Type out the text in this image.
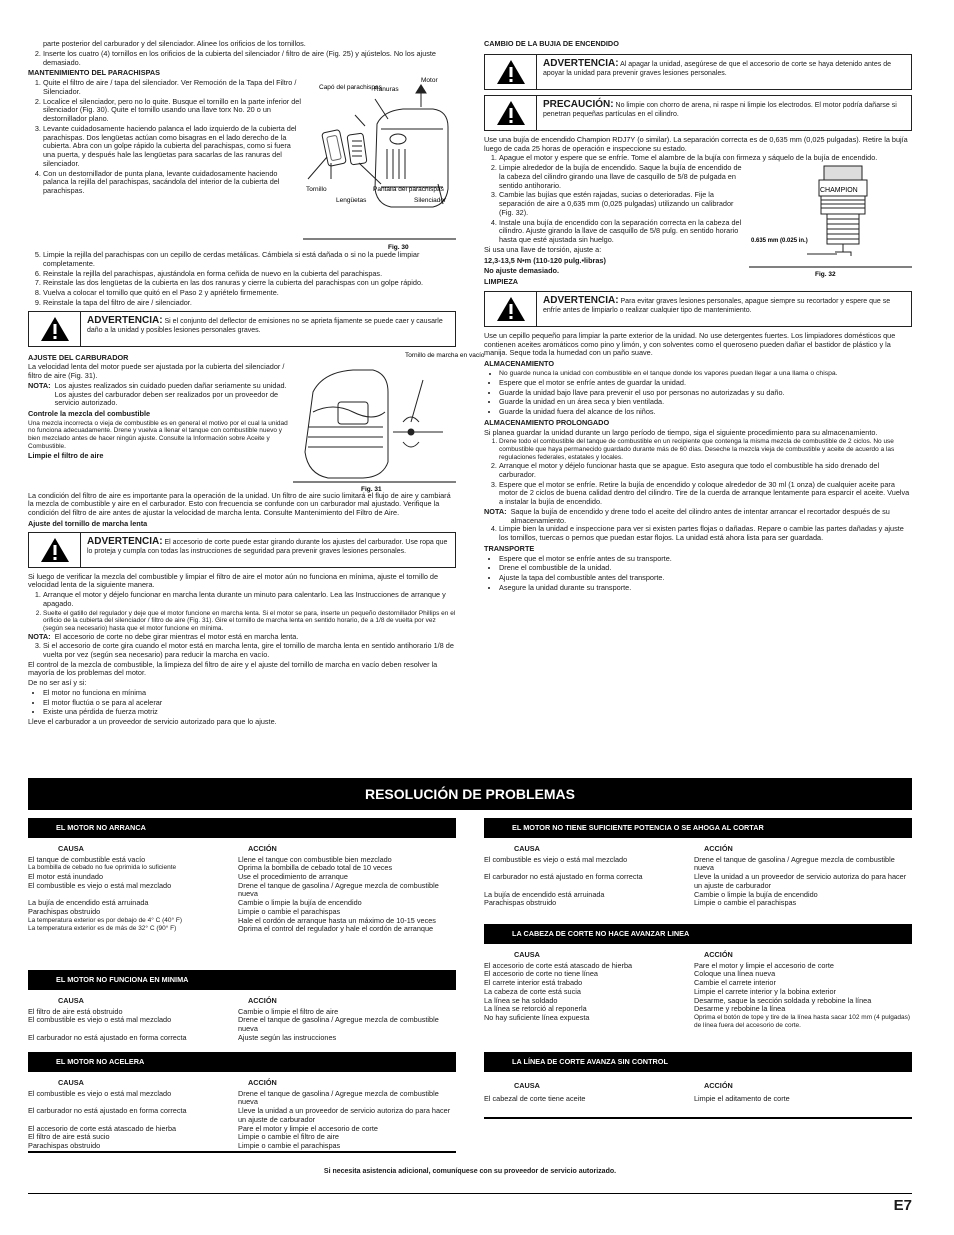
parte posterior del carburador y del silenciador. Alinee los orificios de los tornillos.

2. Inserte los cuatro (4) tornillos en los orificios de la cubierta del silenciador / filtro de aire (Fig. 25) y ajústelos. No los ajuste demasiado.

MANTENIMIENTO DEL PARACHISPAS

1. Quite el filtro de aire / tapa del silenciador. Ver Remoción de la Tapa del Filtro / Silenciador.
2. Localice el silenciador, pero no lo quite. Busque el tornillo en la parte inferior del silenciador (Fig. 30). Quite el tornillo usando una llave torx No. 20 o un destornillador plano.
3. Levante cuidadosamente haciendo palanca el lado izquierdo de la cubierta del parachispas. Dos lengüetas actúan como bisagras en el lado derecho de la cubierta. Abra con un golpe rápido la cubierta del parachispas, como si fuera una puerta, y después hale las lengüetas para sacarlas de las ranuras del silenciador.
4. Con un destornillador de punta plana, levante cuidadosamente haciendo palanca la rejilla del parachispas, sacándola del interior de la cubierta del parachispas.
Motor
Capó del parachispas
Ranuras
Tornillo	Pantalla del parachispas
Lengüetas	Silenciador
Fig. 30
5. Limpie la rejilla del parachispas con un cepillo de cerdas metálicas. Cámbiela si está dañada o si no la puede limpiar completamente.
6. Reinstale la rejilla del parachispas, ajustándola en forma ceñida de nuevo en la cubierta del parachispas.
7. Reinstale las dos lengüetas de la cubierta en las dos ranuras y cierre la cubierta del parachispas con un golpe rápido.
8. Vuelva a colocar el tornillo que quitó en el Paso 2 y apriételo firmemente.
9. Reinstale la tapa del filtro de aire / silenciador.
ADVERTENCIA: Si el conjunto del deflector de emisiones no se aprieta fijamente se puede caer y causarle daño a la unidad y posibles lesiones personales graves.

AJUSTE DEL CARBURADOR

La velocidad lenta del motor puede ser ajustada por la cubierta del silenciador / filtro de aire (Fig. 31).

NOTA: Los ajustes realizados sin cuidado pueden dañar seriamente su unidad. Los ajustes del carburador deben ser realizados por un proveedor de servicio autorizado.

Controle la mezcla del combustible

Una mezcla incorrecta o vieja de combustible es en general el motivo por el cual la unidad no funciona adecuadamente. Drene y vuelva a llenar el tanque con combustible nuevo y bien mezclado antes de hacer ningún ajuste. Consulte la Información sobre Aceite y Combustible.

Limpie el filtro de aire

Tornillo de marcha en vacío
Fig. 31

La condición del filtro de aire es importante para la operación de la unidad. Un filtro de aire sucio limitará el flujo de aire y cambiará la mezcla de combustible y aire en el carburador. Esto con frecuencia se confunde con un carburador mal ajustado. Verifique la condición del filtro de aire antes de ajustar la velocidad de marcha lenta. Consulte Mantenimiento del Filtro de Aire.

Ajuste del tornillo de marcha lenta

ADVERTENCIA: El accesorio de corte puede estar girando durante los ajustes del carburador. Use ropa que lo proteja y cumpla con todas las instrucciones de seguridad para prevenir graves lesiones personales.

Si luego de verificar la mezcla del combustible y limpiar el filtro de aire el motor aún no funciona en mínima, ajuste el tornillo de velocidad lenta de la siguiente manera.

1. Arranque el motor y déjelo funcionar en marcha lenta durante un minuto para calentarlo. Lea las Instrucciones de arranque y apagado.
2. Suelte el gatillo del regulador y deje que el motor funcione en marcha lenta. Si el motor se para, inserte un pequeño destornillador Phillips en el orificio de la cubierta del silenciador / filtro de aire (Fig. 31). Gire el tornillo de marcha lenta en sentido horario, de a 1/8 de vuelta por vez (según sea necesario) hasta que el motor funcione en mínima.
NOTA: El accesorio de corte no debe girar mientras el motor está en marcha lenta.
3. Si el accesorio de corte gira cuando el motor está en marcha lenta, gire el tornillo de marcha lenta en sentido antihorario 1/8 de vuelta por vez (según sea necesario) para reducir la marcha en vacío.

El control de la mezcla de combustible, la limpieza del filtro de aire y el ajuste del tornillo de marcha en vacío deben resolver la mayoría de los problemas del motor.

De no ser así y si:

• El motor no funciona en mínima
• El motor fluctúa o se para al acelerar
• Existe una pérdida de fuerza motriz

Lleve el carburador a un proveedor de servicio autorizado para que lo ajuste.

CAMBIO DE LA BUJIA DE ENCENDIDO

ADVERTENCIA: Al apagar la unidad, asegúrese de que el accesorio de corte se haya detenido antes de apoyar la unidad para prevenir graves lesiones personales.
PRECAUCIÓN: No limpie con chorro de arena, ni raspe ni limpie los electrodos. El motor podría dañarse si penetran pequeñas partículas en el cilindro.

Use una bujía de encendido Champion RDJ7Y (o similar). La separación correcta es de 0,635 mm (0,025 pulgadas). Retire la bujía luego de cada 25 horas de operación e inspeccione su estado.

1. Apague el motor y espere que se enfríe. Tome el alambre de la bujía con firmeza y sáquelo de la bujía de encendido.
2. Limpie alrededor de la bujía de encendido. Saque la bujía de encendido de la cabeza del cilindro girando una llave de casquillo de 5/8 de pulgada en sentido antihorario.
3. Cambie las bujías que estén rajadas, sucias o deterioradas. Fije la separación de aire a 0,635 mm (0,025 pulgadas) utilizando un calibrador (Fig. 32).
4. Instale una bujía de encendido con la separación correcta en la cabeza del cilindro. Ajuste girando la llave de casquillo de 5/8 pulg. en sentido horario hasta que esté ajustada sin huelgo.

Si usa una llave de torsión, ajuste a:

12,3-13,5 N•m (110-120 pulg.•libras)

No ajuste demasiado.

LIMPIEZA

CHAMPION
0.635 mm (0.025 in.)
Fig. 32
ADVERTENCIA: Para evitar graves lesiones personales, apague siempre su recortador y espere que se enfríe antes de limpiarlo o realizar cualquier tipo de mantenimiento.

Use un cepillo pequeño para limpiar la parte exterior de la unidad. No use detergentes fuertes. Los limpiadores domésticos que contienen aceites aromáticos como pino y limón, y con solventes como el queroseno pueden dañar el bastidor de plástico y la manija. Seque toda la humedad con un paño suave.

ALMACENAMIENTO

• No guarde nunca la unidad con combustible en el tanque donde los vapores puedan llegar a una llama o chispa.
• Espere que el motor se enfríe antes de guardar la unidad.
• Guarde la unidad bajo llave para prevenir el uso por personas no autorizadas y su daño.
• Guarde la unidad en un área seca y bien ventilada.
• Guarde la unidad fuera del alcance de los niños.

ALMACENAMIENTO PROLONGADO

Si planea guardar la unidad durante un largo período de tiempo, siga el siguiente procedimiento para su almacenamiento.

1. Drene todo el combustible del tanque de combustible en un recipiente que contenga la misma mezcla de combustible de 2 ciclos. No use combustible que haya permanecido guardado durante más de 60 días. Deseche la mezcla vieja de combustible y aceite de acuerdo a las regulaciones federales, estatales y locales.
2. Arranque el motor y déjelo funcionar hasta que se apague. Esto asegura que todo el combustible ha sido drenado del carburador.
3. Espere que el motor se enfríe. Retire la bujía de encendido y coloque alrededor de 30 ml (1 onza) de cualquier aceite para motor de 2 ciclos de buena calidad dentro del cilindro. Tire de la cuerda de arranque lentamente para esparcir el aceite. Vuelva a instalar la bujía de encendido.
NOTA: Saque la bujía de encendido y drene todo el aceite del cilindro antes de intentar arrancar el recortador después de su almacenamiento.
4. Limpie bien la unidad e inspeccione para ver si existen partes flojas o dañadas. Repare o cambie las partes dañadas y ajuste los tornillos, tuercas o pernos que puedan estar flojos. La unidad está ahora lista para ser guardada.

TRANSPORTE

• Espere que el motor se enfríe antes de su transporte.
• Drene el combustible de la unidad.
• Ajuste la tapa del combustible antes del transporte.
• Asegure la unidad durante su transporte.
RESOLUCIÓN DE PROBLEMAS
EL MOTOR NO ARRANCA
CAUSA	ACCIÓN
El tanque de combustible está vacío	Llene el tanque con combustible bien mezclado
La bombilla de cebado no fue oprimida lo suficiente	Oprima la bombilla de cebado total de 10 veces
El motor está inundado	Use el procedimiento de arranque
El combustible es viejo o está mal mezclado	Drene el tanque de gasolina / Agregue mezcla de combustible nueva
La bujía de encendido está arruinada	Cambie o limpie la bujía de encendido
Parachispas obstruido	Limpie o cambie el parachispas
La temperatura exterior es por debajo de 4° C (40° F)	Hale el cordón de arranque hasta un máximo de 10-15 veces
La temperatura exterior es de más de 32° C (90° F)	Oprima el control del regulador y hale el cordón de arranque
EL MOTOR NO FUNCIONA EN MINIMA
CAUSA	ACCIÓN
El filtro de aire está obstruido	Cambie o limpie el filtro de aire
El combustible es viejo o está mal mezclado	Drene el tanque de gasolina / Agregue mezcla de combustible nueva
El carburador no está ajustado en forma correcta	Ajuste según las instrucciones
EL MOTOR NO ACELERA
CAUSA	ACCIÓN
El combustible es viejo o está mal mezclado	Drene el tanque de gasolina / Agregue mezcla de combustible nueva
El carburador no está ajustado en forma correcta	Lleve la unidad a un proveedor de servicio autoriza do para hacer un ajuste de carburador
El accesorio de corte está atascado de hierba	Pare el motor y limpie el accesorio de corte
El filtro de aire está sucio	Limpie o cambie el filtro de aire
Parachispas obstruido	Limpie o cambie el parachispas
EL MOTOR NO TIENE SUFICIENTE POTENCIA O SE AHOGA AL CORTAR
CAUSA	ACCIÓN
El combustible es viejo o está mal mezclado	Drene el tanque de gasolina / Agregue mezcla de combustible nueva
El carburador no está ajustado en forma correcta	Lleve la unidad a un proveedor de servicio autoriza do para hacer un ajuste de carburador
La bujía de encendido está arruinada	Cambie o limpie la bujía de encendido
Parachispas obstruido	Limpie o cambie el parachispas
LA CABEZA DE CORTE NO HACE AVANZAR LINEA
CAUSA	ACCIÓN
El accesorio de corte está atascado de hierba	Pare el motor y limpie el accesorio de corte
El accesorio de corte no tiene línea	Coloque una línea nueva
El carrete interior está trabado	Cambie el carrete interior
La cabeza de corte está sucia	Limpie el carrete interior y la bobina exterior
La línea se ha soldado	Desarme, saque la sección soldada y rebobine la línea
La línea se retorció al reponerla	Desarme y rebobine la línea
No hay suficiente línea expuesta	Oprima el botón de tope y tire de la línea hasta sacar 102 mm (4 pulgadas) de línea fuera del accesorio de corte.
LA LÍNEA DE CORTE AVANZA SIN CONTROL
CAUSA	ACCIÓN
El cabezal de corte tiene aceite	Limpie el aditamento de corte
Si necesita asistencia adicional, comuníquese con su proveedor de servicio autorizado.
E7
